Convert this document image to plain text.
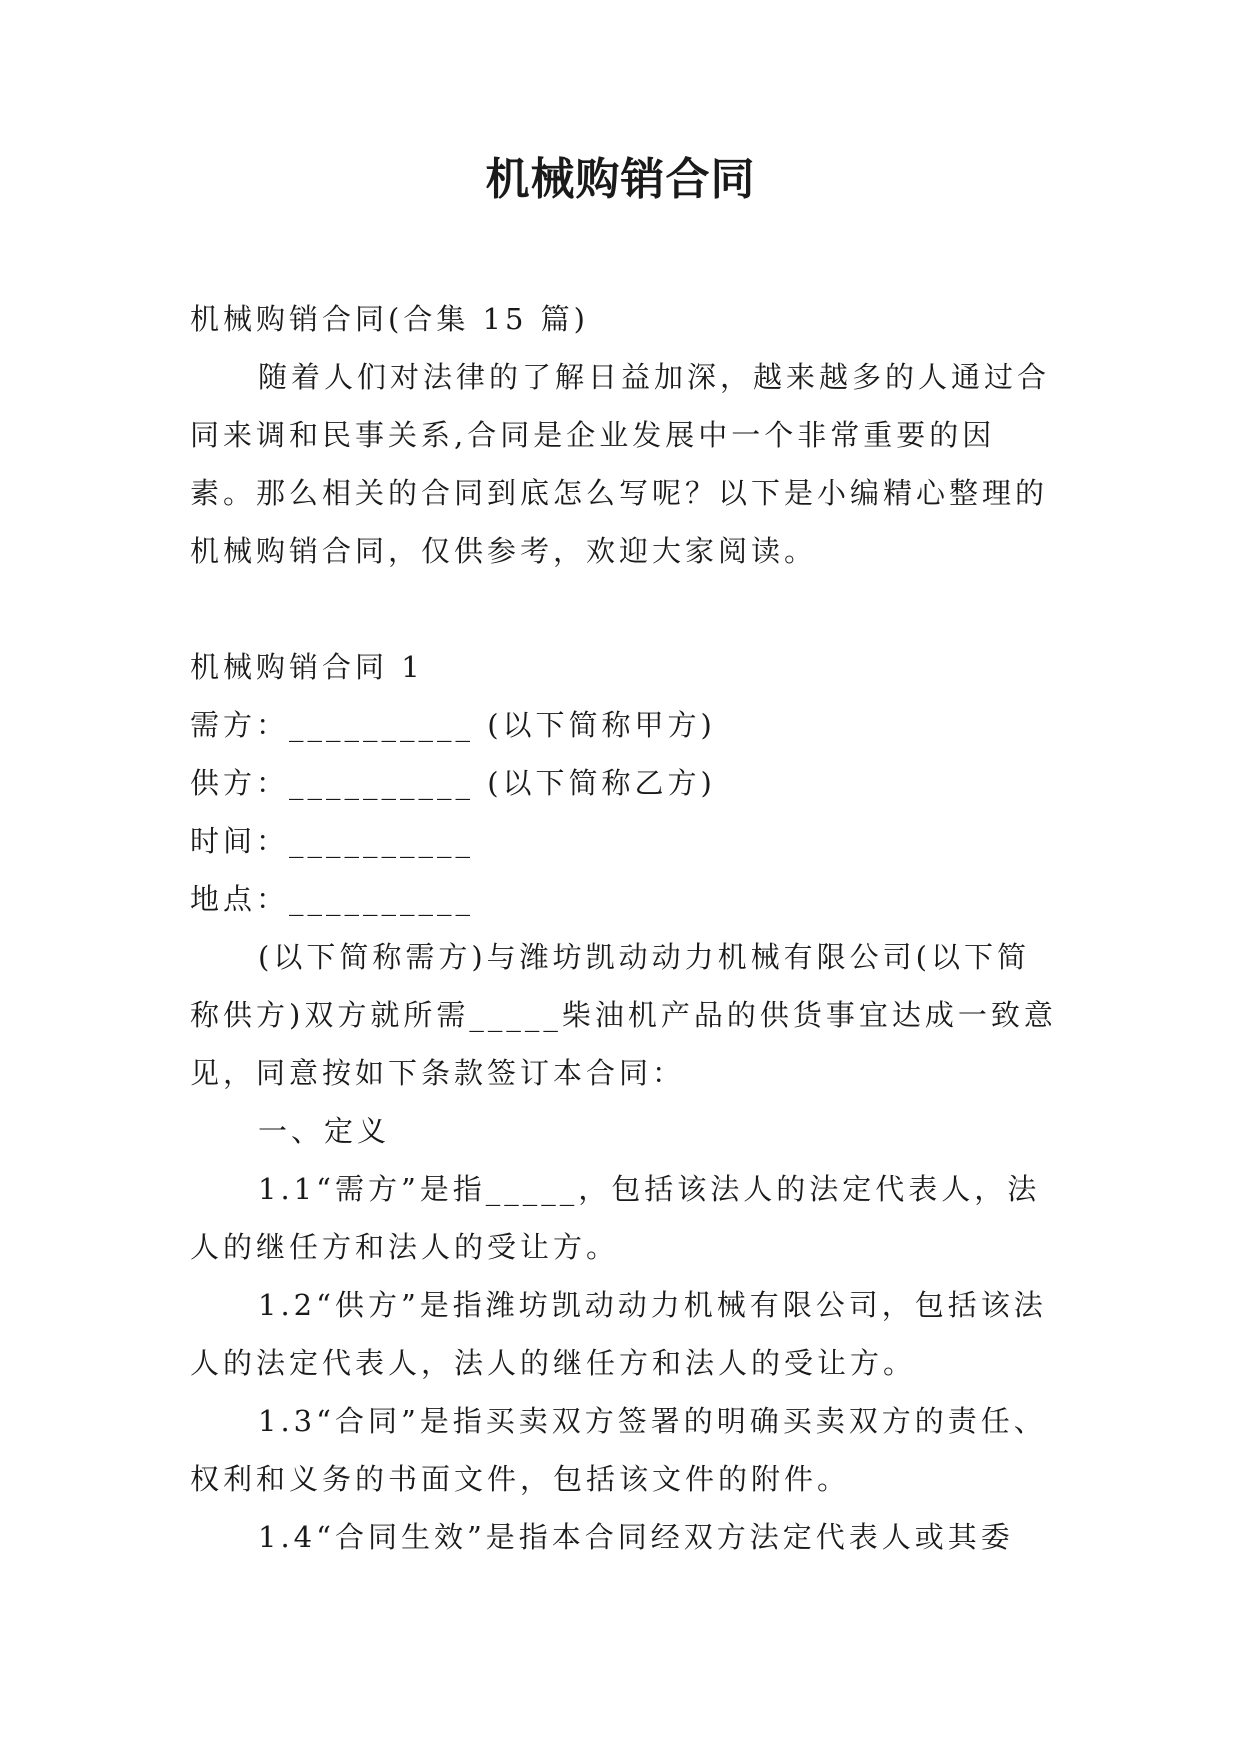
机械购销合同

机械购销合同(合集 15 篇)

随着人们对法律的了解日益加深，越来越多的人通过合同来调和民事关系,合同是企业发展中一个非常重要的因素。那么相关的合同到底怎么写呢？以下是小编精心整理的机械购销合同，仅供参考，欢迎大家阅读。

机械购销合同 1

需方：__________ (以下简称甲方)

供方：__________ (以下简称乙方)

时间：__________

地点：__________

(以下简称需方)与潍坊凯动动力机械有限公司(以下简称供方)双方就所需_____柴油机产品的供货事宜达成一致意见，同意按如下条款签订本合同：

一、定义

1.1“需方”是指_____，包括该法人的法定代表人，法人的继任方和法人的受让方。

1.2“供方”是指潍坊凯动动力机械有限公司，包括该法人的法定代表人，法人的继任方和法人的受让方。

1.3“合同”是指买卖双方签署的明确买卖双方的责任、权利和义务的书面文件，包括该文件的附件。

1.4“合同生效”是指本合同经双方法定代表人或其委
